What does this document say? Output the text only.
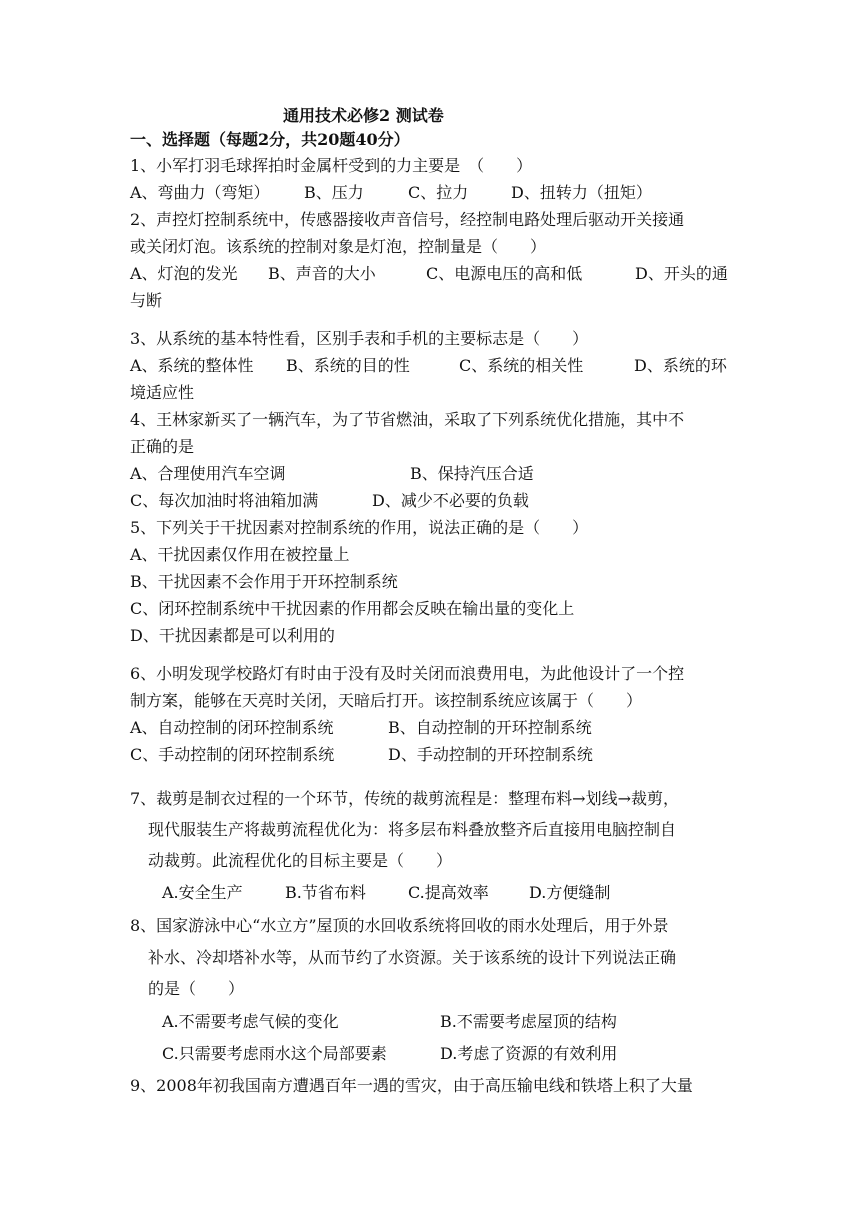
通用技术必修2 测试卷
一、选择题（每题2分，共20题40分）
1、小军打羽毛球挥拍时金属杆受到的力主要是　（　　）
A、弯曲力（弯矩） B、压力	C、拉力	D、扭转力（扭矩）
2、声控灯控制系统中，传感器接收声音信号，经控制电路处理后驱动开关接通
或关闭灯泡。该系统的控制对象是灯泡，控制量是（　　）
A、灯泡的发光 B、声音的大小	C、电源电压的高和低	D、开头的通
与断
3、从系统的基本特性看，区别手表和手机的主要标志是（　　）
A、系统的整体性 B、系统的目的性	C、系统的相关性	D、系统的环
境适应性
4、王林家新买了一辆汽车，为了节省燃油，采取了下列系统优化措施，其中不
正确的是
A、合理使用汽车空调	B、保持汽压合适
C、每次加油时将油箱加满	D、减少不必要的负载
5、下列关于干扰因素对控制系统的作用，说法正确的是（　　）
A、干扰因素仅作用在被控量上
B、干扰因素不会作用于开环控制系统
C、闭环控制系统中干扰因素的作用都会反映在输出量的变化上
D、干扰因素都是可以利用的
6、小明发现学校路灯有时由于没有及时关闭而浪费用电，为此他设计了一个控
制方案，能够在天亮时关闭，天暗后打开。该控制系统应该属于（　　）
A、自动控制的闭环控制系统	B、自动控制的开环控制系统
C、手动控制的闭环控制系统	D、手动控制的开环控制系统
7、裁剪是制衣过程的一个环节，传统的裁剪流程是：整理布料→划线→裁剪，
现代服装生产将裁剪流程优化为：将多层布料叠放整齐后直接用电脑控制自
动裁剪。此流程优化的目标主要是（　　）
A.安全生产	B.节省布料	C.提高效率	D.方便缝制
8、国家游泳中心“水立方”屋顶的水回收系统将回收的雨水处理后，用于外景
补水、冷却塔补水等，从而节约了水资源。关于该系统的设计下列说法正确
的是（　　）
A.不需要考虑气候的变化	B.不需要考虑屋顶的结构
C.只需要考虑雨水这个局部要素	D.考虑了资源的有效利用
9、2008年初我国南方遭遇百年一遇的雪灾，由于高压输电线和铁塔上积了大量
